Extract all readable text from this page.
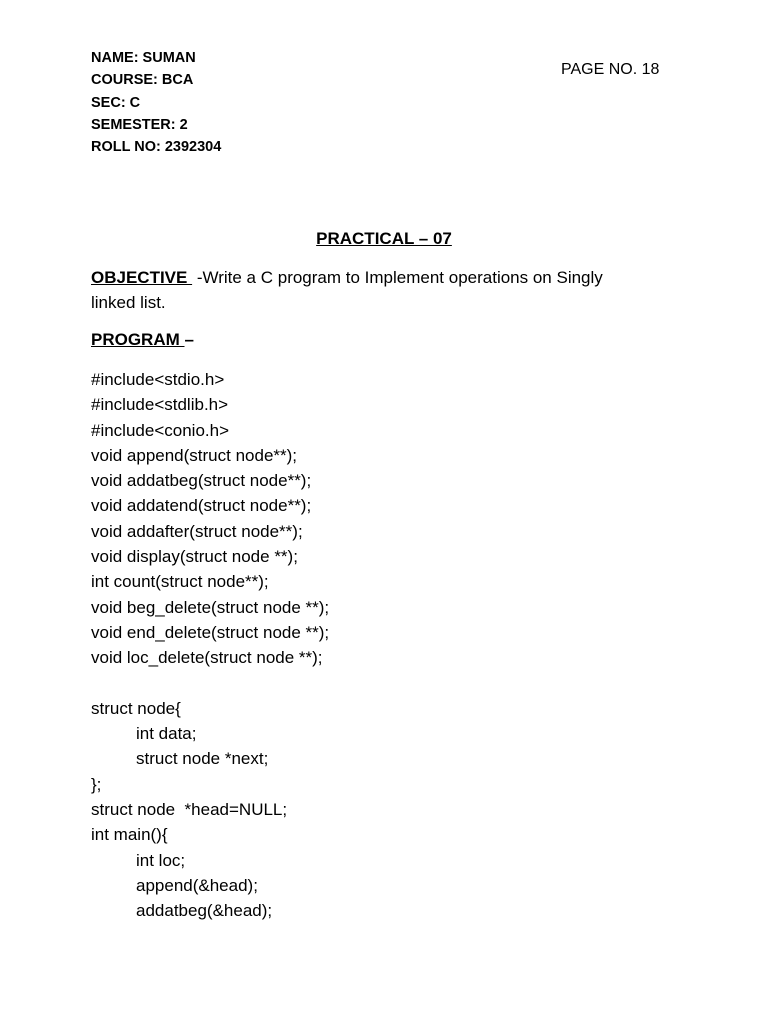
NAME: SUMAN
COURSE: BCA
SEC: C
SEMESTER: 2
ROLL NO: 2392304
PAGE NO. 18
PRACTICAL – 07
OBJECTIVE  -Write a C program to Implement operations on Singly linked list.
PROGRAM –
#include<stdio.h>
#include<stdlib.h>
#include<conio.h>
void append(struct node**);
void addatbeg(struct node**);
void addatend(struct node**);
void addafter(struct node**);
void display(struct node **);
int count(struct node**);
void beg_delete(struct node **);
void end_delete(struct node **);
void loc_delete(struct node **);
struct node{
int data;
struct node *next;
};
struct node  *head=NULL;
int main(){
int loc;
append(&head);
addatbeg(&head);
